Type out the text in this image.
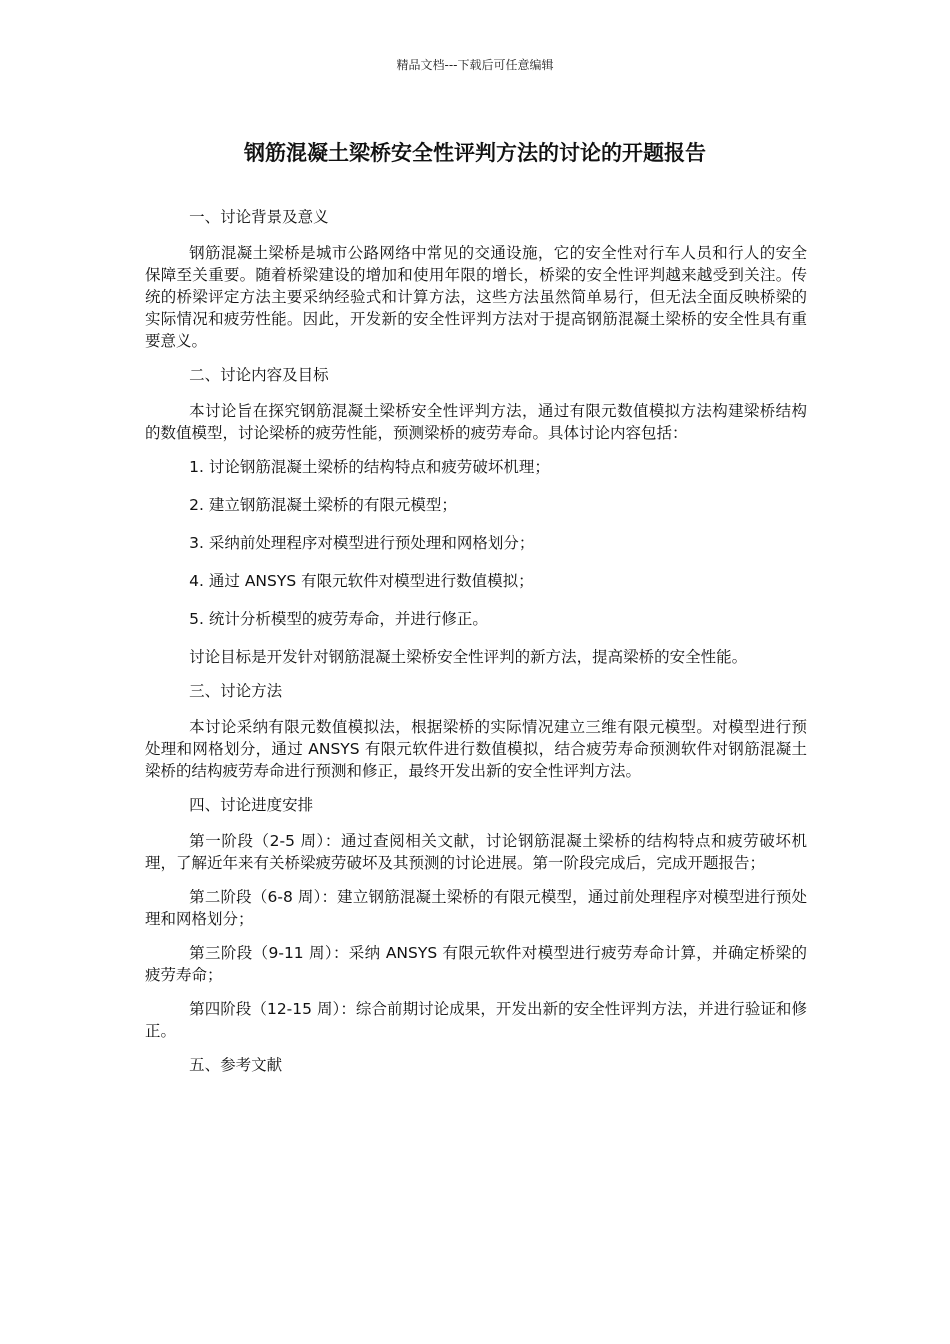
精品文档---下载后可任意编辑
钢筋混凝土梁桥安全性评判方法的讨论的开题报告

一、讨论背景及意义

钢筋混凝土梁桥是城市公路网络中常见的交通设施，它的安全性对行车人员和行人的安全保障至关重要。随着桥梁建设的增加和使用年限的增长，桥梁的安全性评判越来越受到关注。传统的桥梁评定方法主要采纳经验式和计算方法，这些方法虽然简单易行，但无法全面反映桥梁的实际情况和疲劳性能。因此，开发新的安全性评判方法对于提高钢筋混凝土梁桥的安全性具有重要意义。

二、讨论内容及目标

本讨论旨在探究钢筋混凝土梁桥安全性评判方法，通过有限元数值模拟方法构建梁桥结构的数值模型，讨论梁桥的疲劳性能，预测梁桥的疲劳寿命。具体讨论内容包括：

1. 讨论钢筋混凝土梁桥的结构特点和疲劳破坏机理；

2. 建立钢筋混凝土梁桥的有限元模型；

3. 采纳前处理程序对模型进行预处理和网格划分；

4. 通过 ANSYS 有限元软件对模型进行数值模拟；

5. 统计分析模型的疲劳寿命，并进行修正。

讨论目标是开发针对钢筋混凝土梁桥安全性评判的新方法，提高梁桥的安全性能。

三、讨论方法

本讨论采纳有限元数值模拟法，根据梁桥的实际情况建立三维有限元模型。对模型进行预处理和网格划分，通过 ANSYS 有限元软件进行数值模拟，结合疲劳寿命预测软件对钢筋混凝土梁桥的结构疲劳寿命进行预测和修正，最终开发出新的安全性评判方法。

四、讨论进度安排

第一阶段（2-5 周）：通过查阅相关文献，讨论钢筋混凝土梁桥的结构特点和疲劳破坏机理，了解近年来有关桥梁疲劳破坏及其预测的讨论进展。第一阶段完成后，完成开题报告；

第二阶段（6-8 周）：建立钢筋混凝土梁桥的有限元模型，通过前处理程序对模型进行预处理和网格划分；

第三阶段（9-11 周）：采纳 ANSYS 有限元软件对模型进行疲劳寿命计算，并确定桥梁的疲劳寿命；

第四阶段（12-15 周）：综合前期讨论成果，开发出新的安全性评判方法，并进行验证和修正。

五、参考文献
